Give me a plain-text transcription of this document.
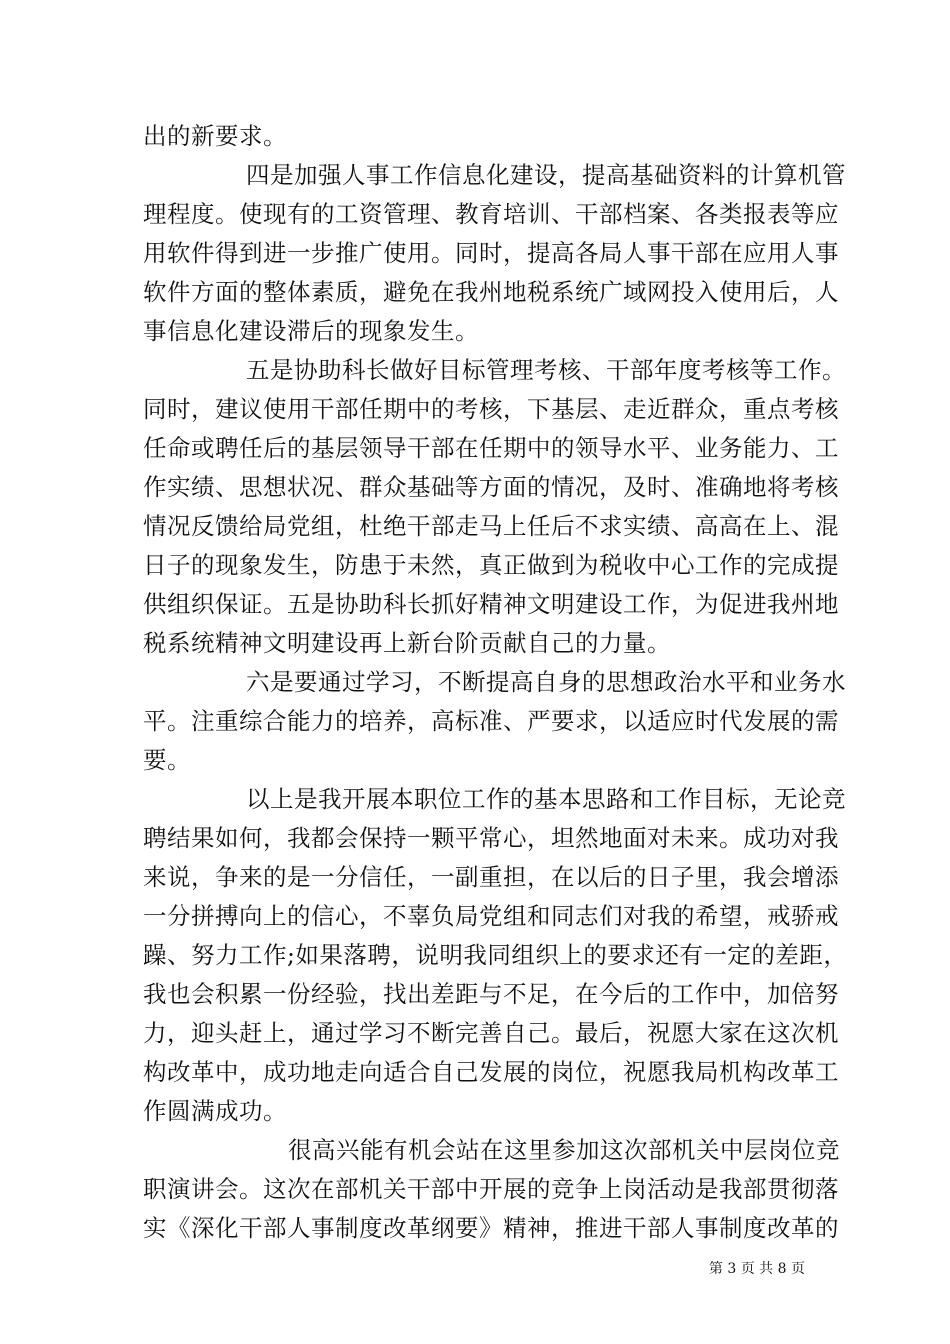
出的新要求。
四是加强人事工作信息化建设，提高基础资料的计算机管
理程度。使现有的工资管理、教育培训、干部档案、各类报表等应
用软件得到进一步推广使用。同时，提高各局人事干部在应用人事
软件方面的整体素质，避免在我州地税系统广域网投入使用后，人
事信息化建设滞后的现象发生。
五是协助科长做好目标管理考核、干部年度考核等工作。
同时，建议使用干部任期中的考核，下基层、走近群众，重点考核
任命或聘任后的基层领导干部在任期中的领导水平、业务能力、工
作实绩、思想状况、群众基础等方面的情况，及时、准确地将考核
情况反馈给局党组，杜绝干部走马上任后不求实绩、高高在上、混
日子的现象发生，防患于未然，真正做到为税收中心工作的完成提
供组织保证。五是协助科长抓好精神文明建设工作，为促进我州地
税系统精神文明建设再上新台阶贡献自己的力量。
六是要通过学习，不断提高自身的思想政治水平和业务水
平。注重综合能力的培养，高标准、严要求，以适应时代发展的需
要。
以上是我开展本职位工作的基本思路和工作目标，无论竞
聘结果如何，我都会保持一颗平常心，坦然地面对未来。成功对我
来说，争来的是一分信任，一副重担，在以后的日子里，我会增添
一分拼搏向上的信心，不辜负局党组和同志们对我的希望，戒骄戒
躁、努力工作;如果落聘，说明我同组织上的要求还有一定的差距，
我也会积累一份经验，找出差距与不足，在今后的工作中，加倍努
力，迎头赶上，通过学习不断完善自己。最后，祝愿大家在这次机
构改革中，成功地走向适合自己发展的岗位，祝愿我局机构改革工
作圆满成功。
很高兴能有机会站在这里参加这次部机关中层岗位竞
职演讲会。这次在部机关干部中开展的竞争上岗活动是我部贯彻落
实《深化干部人事制度改革纲要》精神，推进干部人事制度改革的
第 3 页 共 8 页
